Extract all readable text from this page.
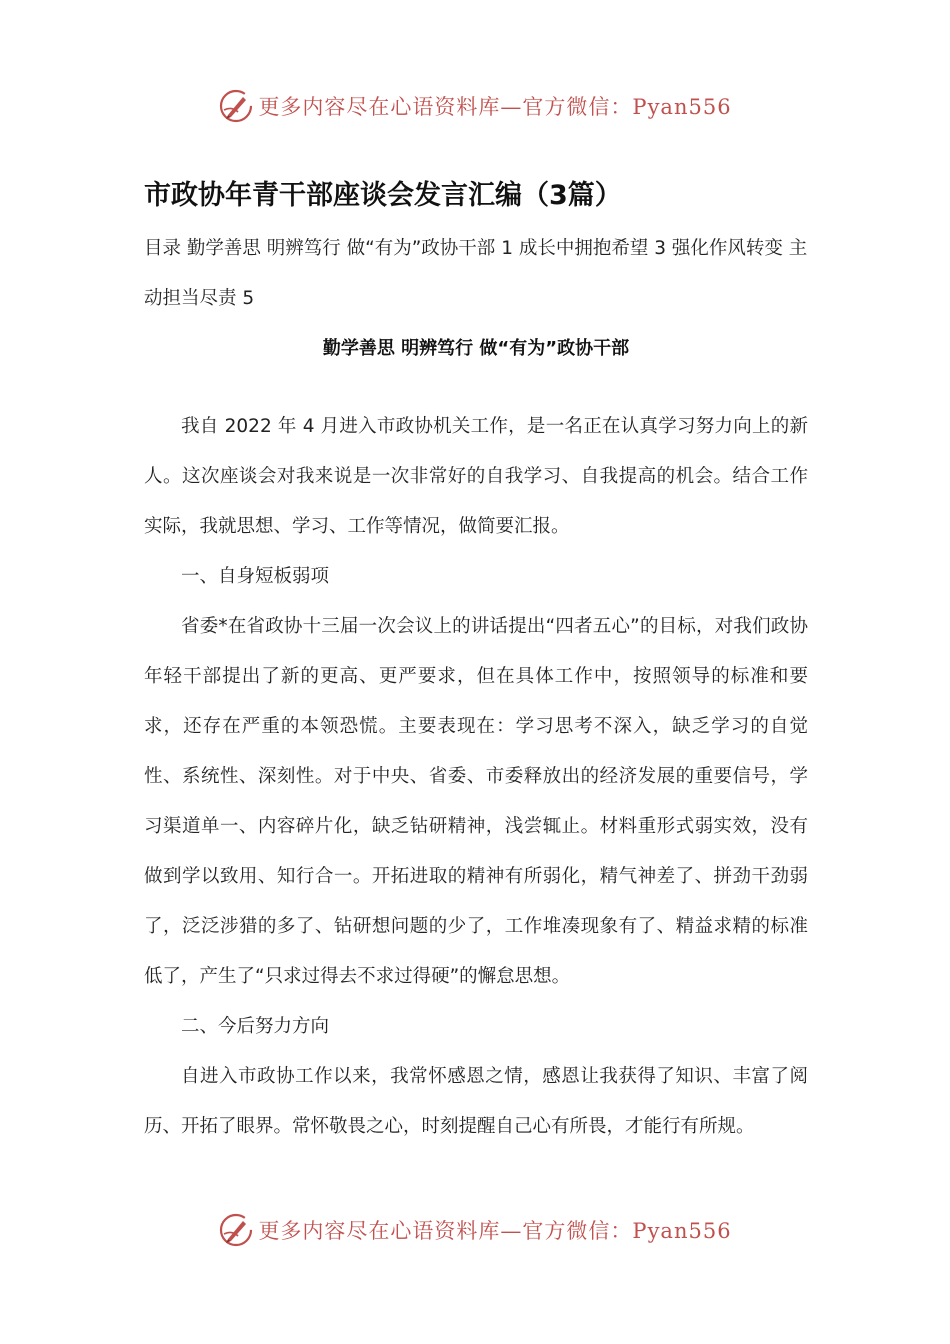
更多内容尽在心语资料库—官方微信：Pyan556
市政协年青干部座谈会发言汇编（3篇）

目录 勤学善思 明辨笃行 做“有为”政协干部 1 成长中拥抱希望 3 强化作风转变 主动担当尽责 5

勤学善思 明辨笃行 做“有为”政协干部

我自 2022 年 4 月进入市政协机关工作，是一名正在认真学习努力向上的新人。这次座谈会对我来说是一次非常好的自我学习、自我提高的机会。结合工作实际，我就思想、学习、工作等情况，做简要汇报。

一、自身短板弱项

省委*在省政协十三届一次会议上的讲话提出“四者五心”的目标，对我们政协年轻干部提出了新的更高、更严要求，但在具体工作中，按照领导的标准和要求，还存在严重的本领恐慌。主要表现在：学习思考不深入，缺乏学习的自觉性、系统性、深刻性。对于中央、省委、市委释放出的经济发展的重要信号，学习渠道单一、内容碎片化，缺乏钻研精神，浅尝辄止。材料重形式弱实效，没有做到学以致用、知行合一。开拓进取的精神有所弱化，精气神差了、拼劲干劲弱了，泛泛涉猎的多了、钻研想问题的少了，工作堆凑现象有了、精益求精的标准低了，产生了“只求过得去不求过得硬”的懈怠思想。

二、今后努力方向

自进入市政协工作以来，我常怀感恩之情，感恩让我获得了知识、丰富了阅历、开拓了眼界。常怀敬畏之心，时刻提醒自己心有所畏，才能行有所规。

更多内容尽在心语资料库—官方微信：Pyan556
